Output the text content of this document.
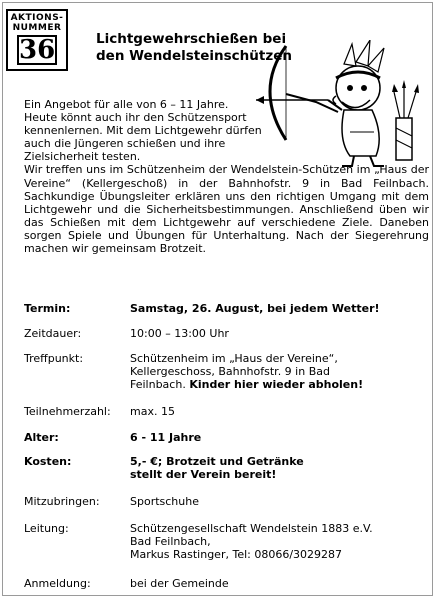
AKTIONS-
NUMMER
36	Lichtgewehrschießen bei
den Wendelsteinschützen
Ein Angebot für alle von 6 – 11 Jahre. Heute könnt auch ihr den Schützensport kennenlernen. Mit dem Lichtgewehr dürfen auch die Jüngeren schießen und ihre Zielsicherheit testen.
Wir treffen uns im Schützenheim der Wendelstein-Schützen im „Haus der Vereine“ (Kellergeschoß) in der Bahnhofstr. 9 in Bad Feilnbach. Sachkundige Übungsleiter erklären uns den richtigen Umgang mit dem Lichtgewehr und die Sicherheitsbestimmungen. Anschließend üben wir das Schießen mit dem Lichtgewehr auf verschiedene Ziele. Daneben sorgen Spiele und Übungen für Unterhaltung. Nach der Siegerehrung machen wir gemeinsam Brotzeit.
Termin:	Samstag, 26. August, bei jedem Wetter!
Zeitdauer:	10:00 – 13:00 Uhr
Treffpunkt:	Schützenheim im „Haus der Vereine“,
Kellergeschoss, Bahnhofstr. 9 in Bad
Feilnbach. Kinder hier wieder abholen!
Teilnehmerzahl: max. 15
Alter:	6 - 11 Jahre
Kosten:	5,- €; Brotzeit und Getränke
stellt der Verein bereit!
Mitzubringen:	Sportschuhe
Leitung:	Schützengesellschaft Wendelstein 1883 e.V.
Bad Feilnbach,
Markus Rastinger, Tel: 08066/3029287
Anmeldung:	bei der Gemeinde
